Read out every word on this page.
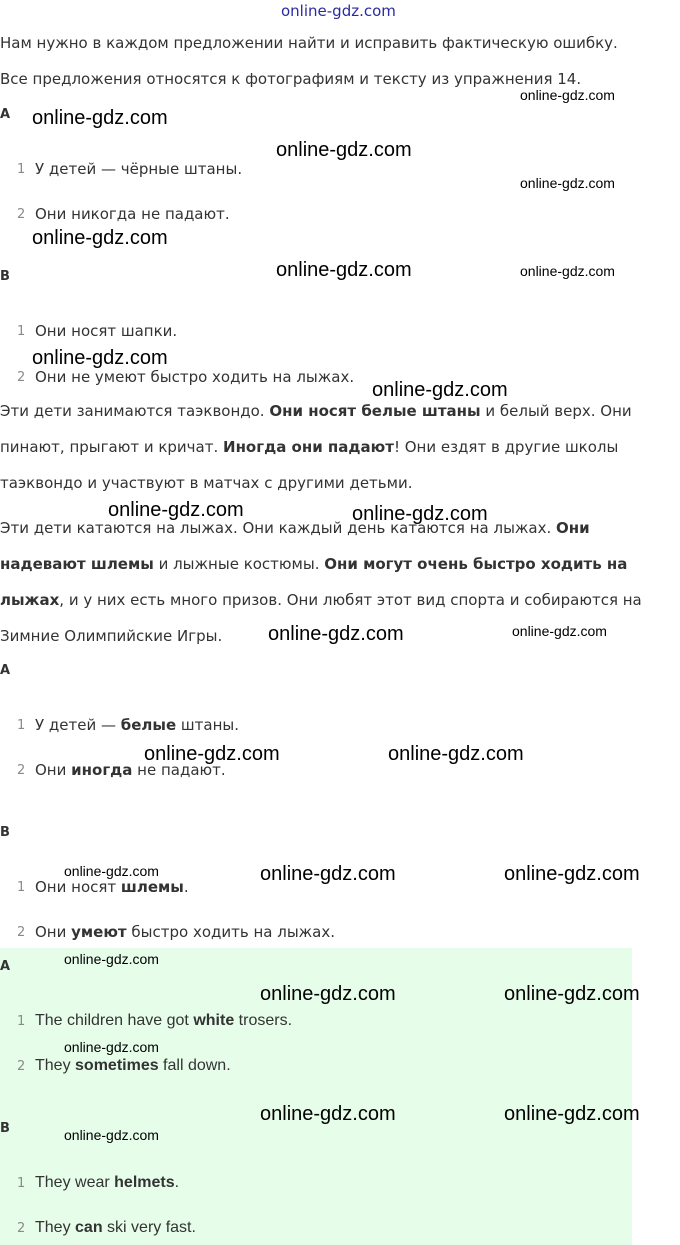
online-gdz.com
Нам нужно в каждом предложении найти и исправить фактическую ошибку.
Все предложения относятся к фотографиям и тексту из упражнения 14.
A
1 У детей — чёрные штаны.
2 Они никогда не падают.
B
1 Они носят шапки.
2 Они не умеют быстро ходить на лыжах.
Эти дети занимаются таэквондо. Они носят белые штаны и белый верх. Они
пинают, прыгают и кричат. Иногда они падают! Они ездят в другие школы
таэквондо и участвуют в матчах с другими детьми.
Эти дети катаются на лыжах. Они каждый день катаются на лыжах. Они
надевают шлемы и лыжные костюмы. Они могут очень быстро ходить на
лыжах, и у них есть много призов. Они любят этот вид спорта и собираются на
Зимние Олимпийские Игры.
A
1 У детей — белые штаны.
2 Они иногда не падают.
B
1 Они носят шлемы.
2 Они умеют быстро ходить на лыжах.
A
1 The children have got white trosers.
2 They sometimes fall down.
B
1 They wear helmets.
2 They can ski very fast.
online-gdz.com
online-gdz.com
online-gdz.com
online-gdz.com
online-gdz.com
online-gdz.com
online-gdz.com	online-gdz.com
online-gdz.com
online-gdz.com	online-gdz.com
online-gdz.com	online-gdz.com
online-gdz.com	online-gdz.com
online-gdz.com	online-gdz.com
online-gdz.com
online-gdz.com
online-gdz.com
online-gdz.com
online-gdz.com
online-gdz.com
online-gdz.com
online-gdz.com
